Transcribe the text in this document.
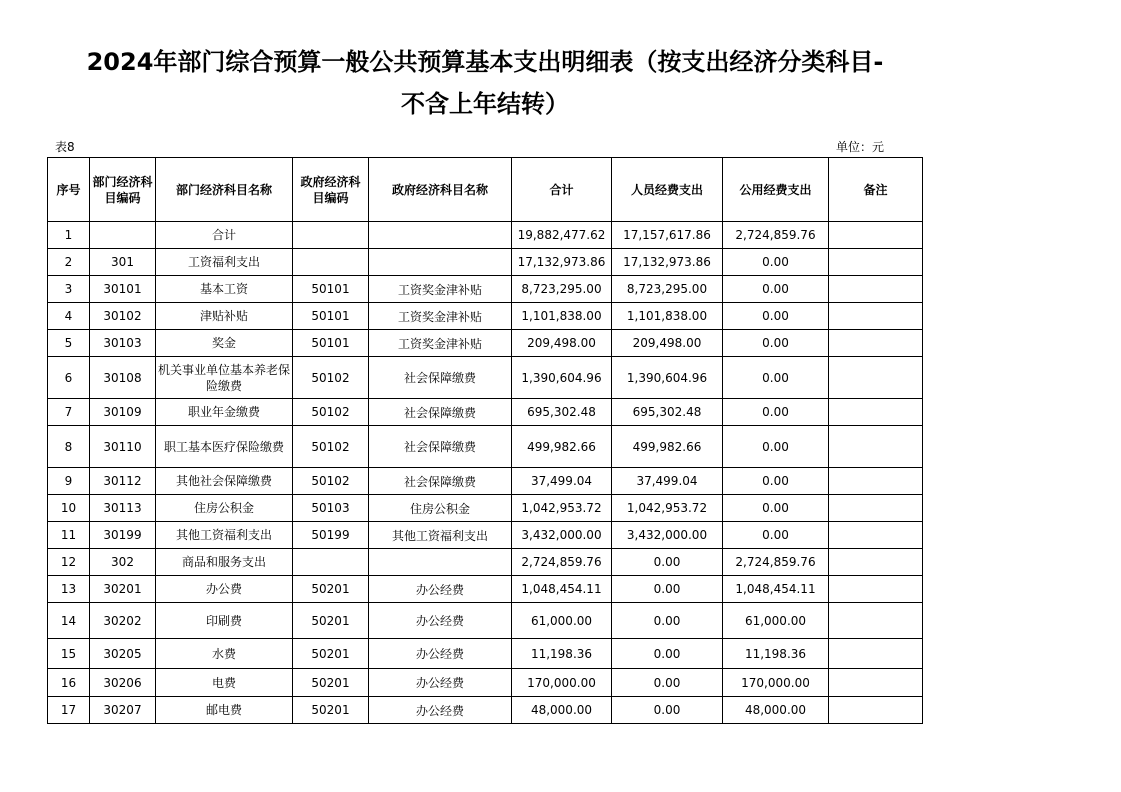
2024年部门综合预算一般公共预算基本支出明细表（按支出经济分类科目-
不含上年结转）
表8	单位：元
序号	部门经济科目编码	部门经济科目名称	政府经济科目编码	政府经济科目名称	合计	人员经费支出	公用经费支出	备注
1		合计			19,882,477.62	17,157,617.86	2,724,859.76	
2	301	工资福利支出			17,132,973.86	17,132,973.86	0.00	
3	30101	基本工资	50101	工资奖金津补贴	8,723,295.00	8,723,295.00	0.00	
4	30102	津贴补贴	50101	工资奖金津补贴	1,101,838.00	1,101,838.00	0.00	
5	30103	奖金	50101	工资奖金津补贴	209,498.00	209,498.00	0.00	
6	30108	机关事业单位基本养老保险缴费	50102	社会保障缴费	1,390,604.96	1,390,604.96	0.00	
7	30109	职业年金缴费	50102	社会保障缴费	695,302.48	695,302.48	0.00	
8	30110	职工基本医疗保险缴费	50102	社会保障缴费	499,982.66	499,982.66	0.00	
9	30112	其他社会保障缴费	50102	社会保障缴费	37,499.04	37,499.04	0.00	
10	30113	住房公积金	50103	住房公积金	1,042,953.72	1,042,953.72	0.00	
11	30199	其他工资福利支出	50199	其他工资福利支出	3,432,000.00	3,432,000.00	0.00	
12	302	商品和服务支出			2,724,859.76	0.00	2,724,859.76	
13	30201	办公费	50201	办公经费	1,048,454.11	0.00	1,048,454.11	
14	30202	印刷费	50201	办公经费	61,000.00	0.00	61,000.00	
15	30205	水费	50201	办公经费	11,198.36	0.00	11,198.36	
16	30206	电费	50201	办公经费	170,000.00	0.00	170,000.00	
17	30207	邮电费	50201	办公经费	48,000.00	0.00	48,000.00	
